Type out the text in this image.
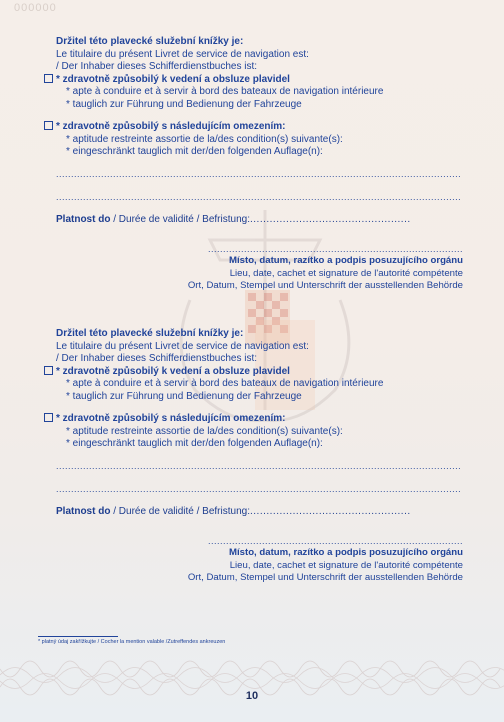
000000
Držitel této plavecké služební knížky je:
Le titulaire du présent Livret de service de navigation est:
/ Der Inhaber dieses Schifferdienstbuches ist:
* zdravotně způsobilý k vedení a obsluze plavidel
* apte à conduire et à servir à bord des bateaux de navigation intérieure
* tauglich zur Führung und Bedienung der Fahrzeuge
* zdravotně způsobilý s následujícím omezením:
* aptitude restreinte assortie de la/des condition(s) suivante(s):
* eingeschränkt tauglich mit der/den folgenden Auflage(n):
.......................................................................................................................................
.......................................................................................................................................
Platnost do / Durée de validité / Befristung:.................................................
.....................................................................................
Místo, datum, razítko a podpis posuzujícího orgánu
Lieu, date, cachet et signature de l'autorité compétente
Ort, Datum, Stempel und Unterschrift der ausstellenden Behörde
Držitel této plavecké služební knížky je:
Le titulaire du présent Livret de service de navigation est:
/ Der Inhaber dieses Schifferdienstbuches ist:
* zdravotně způsobilý k vedení a obsluze plavidel
* apte à conduire et à servir à bord des bateaux de navigation intérieure
* tauglich zur Führung und Bedienung der Fahrzeuge
* zdravotně způsobilý s následujícím omezením:
* aptitude restreinte assortie de la/des condition(s) suivante(s):
* eingeschränkt tauglich mit der/den folgenden Auflage(n):
.......................................................................................................................................
.......................................................................................................................................
Platnost do / Durée de validité / Befristung:.................................................
.....................................................................................
Místo, datum, razítko a podpis posuzujícího orgánu
Lieu, date, cachet et signature de l'autorité compétente
Ort, Datum, Stempel und Unterschrift der ausstellenden Behörde
* platný údaj zakřížkujte / Cocher la mention valable /Zutreffendes ankreuzen
10
